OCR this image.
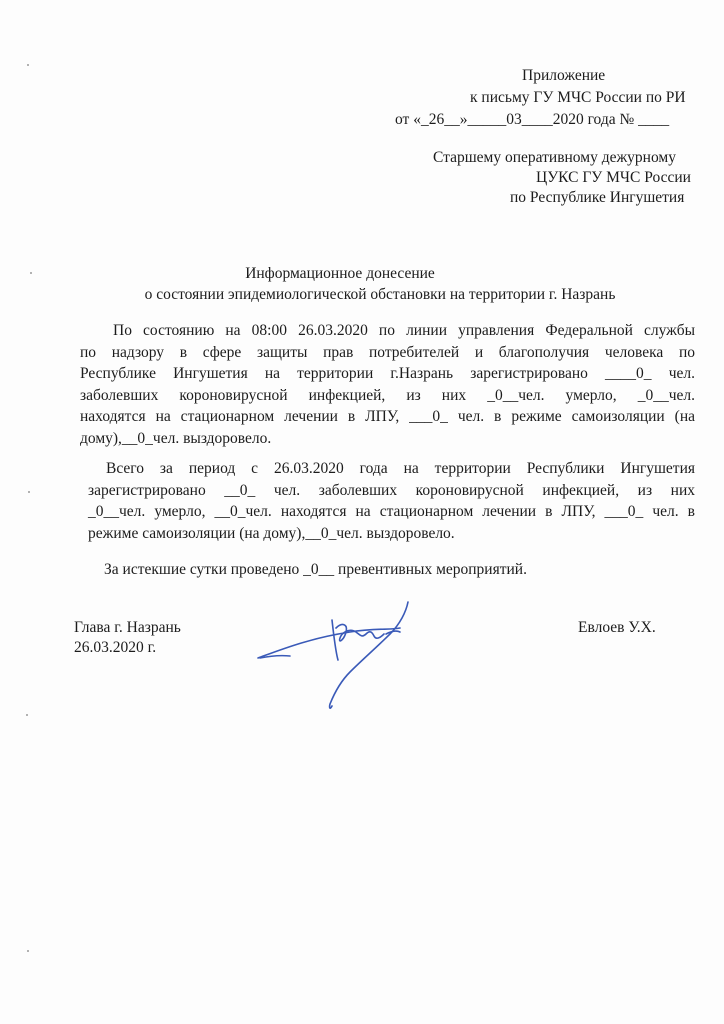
Приложение
к письму ГУ МЧС России по РИ
от «_26__»_____03____2020 года № ____
Старшему оперативному дежурному
ЦУКС ГУ МЧС России
по Республике Ингушетия
Информационное донесение
о состоянии эпидемиологической обстановки на территории г. Назрань
По состоянию на 08:00 26.03.2020 по линии управления Федеральной службы
по надзору в сфере защиты прав потребителей и благополучия человека по
Республике Ингушетия на территории г.Назрань зарегистрировано ____0_ чел.
заболевших короновирусной инфекцией, из них _0__чел. умерло, _0__чел.
находятся на стационарном лечении в ЛПУ, ___0_ чел. в режиме самоизоляции (на
дому),__0_чел. выздоровело.
Всего за период с 26.03.2020 года на территории Республики Ингушетия
зарегистрировано __0_ чел. заболевших короновирусной инфекцией, из них
_0__чел. умерло, __0_чел. находятся на стационарном лечении в ЛПУ, ___0_ чел. в
режиме самоизоляции (на дому),__0_чел. выздоровело.
За истекшие сутки проведено _0__ превентивных мероприятий.
Глава г. Назрань
26.03.2020 г.
Евлоев У.Х.
